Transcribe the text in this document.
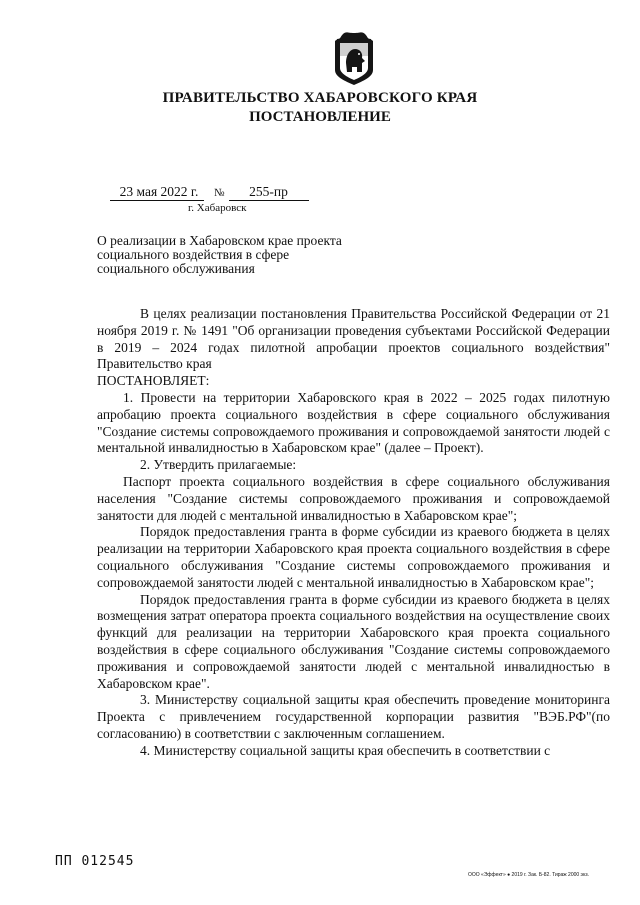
ПРАВИТЕЛЬСТВО ХАБАРОВСКОГО КРАЯ
ПОСТАНОВЛЕНИЕ
23 мая 2022 г. № 255-пр
г. Хабаровск

О реализации в Хабаровском крае проекта социального воздействия в сфере социального обслуживания

В целях реализации постановления Правительства Российской Федерации от 21 ноября 2019 г. № 1491 "Об организации проведения субъектами Российской Федерации в 2019 – 2024 годах пилотной апробации проектов социального воздействия" Правительство края

ПОСТАНОВЛЯЕТ:

1. Провести на территории Хабаровского края в 2022 – 2025 годах пилотную апробацию проекта социального воздействия в сфере социального обслуживания "Создание системы сопровождаемого проживания и сопровождаемой занятости людей с ментальной инвалидностью в Хабаровском крае" (далее – Проект).

2. Утвердить прилагаемые:

Паспорт проекта социального воздействия в сфере социального обслуживания населения "Создание системы сопровождаемого проживания и сопровождаемой занятости для людей с ментальной инвалидностью в Хабаровском крае";

Порядок предоставления гранта в форме субсидии из краевого бюджета в целях реализации на территории Хабаровского края проекта социального воздействия в сфере социального обслуживания "Создание системы сопровождаемого проживания и сопровождаемой занятости людей с ментальной инвалидностью в Хабаровском крае";

Порядок предоставления гранта в форме субсидии из краевого бюджета в целях возмещения затрат оператора проекта социального воздействия на осуществление своих функций для реализации на территории Хабаровского края проекта социального воздействия в сфере социального обслуживания "Создание системы сопровождаемого проживания и сопровождаемой занятости людей с ментальной инвалидностью в Хабаровском крае".

3. Министерству социальной защиты края обеспечить проведение мониторинга Проекта с привлечением государственной корпорации развития "ВЭБ.РФ"(по согласованию) в соответствии с заключенным соглашением.

4. Министерству социальной защиты края обеспечить в соответствии с

ПП 012545
ООО «Эффект» ● 2019 г. Зак. Б-82. Тираж 2000 экз.
